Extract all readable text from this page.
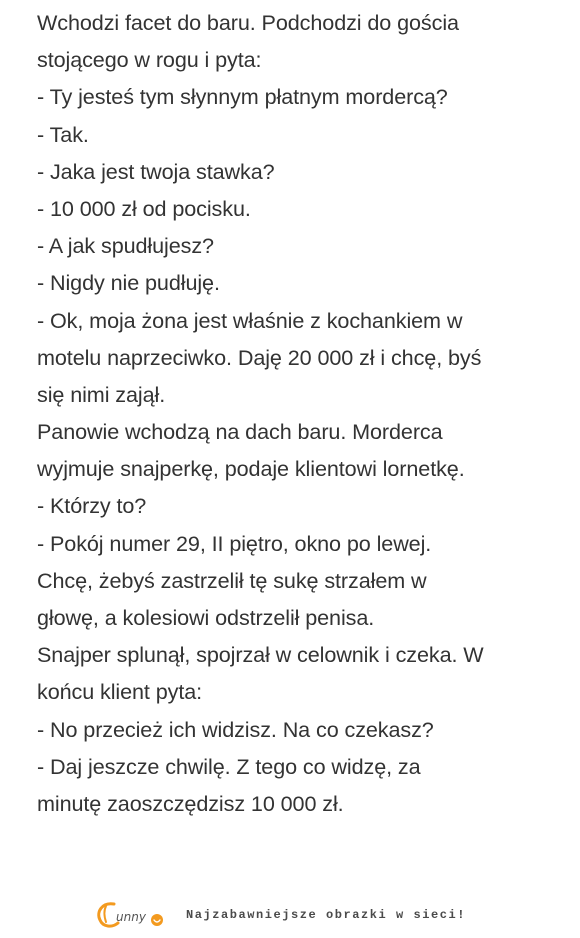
Wchodzi facet do baru. Podchodzi do gościa
stojącego w rogu i pyta:
- Ty jesteś tym słynnym płatnym mordercą?
- Tak.
- Jaka jest twoja stawka?
- 10 000 zł od pocisku.
- A jak spudłujesz?
- Nigdy nie pudłuję.
- Ok, moja żona jest właśnie z kochankiem w
motelu naprzeciwko. Daję 20 000 zł i chcę, byś
się nimi zajął.
Panowie wchodzą na dach baru. Morderca
wyjmuje snajperkę, podaje klientowi lornetkę.
- Którzy to?
- Pokój numer 29, II piętro, okno po lewej.
Chcę, żebyś zastrzelił tę sukę strzałem w
głowę, a kolesiowi odstrzelił penisa.
Snajper splunął, spojrzał w celownik i czeka. W
końcu klient pyta:
- No przecież ich widzisz. Na co czekasz?
- Daj jeszcze chwilę. Z tego co widzę, za
minutę zaoszczędzisz 10 000 zł.
unny	Najzabawniejsze obrazki w sieci!
